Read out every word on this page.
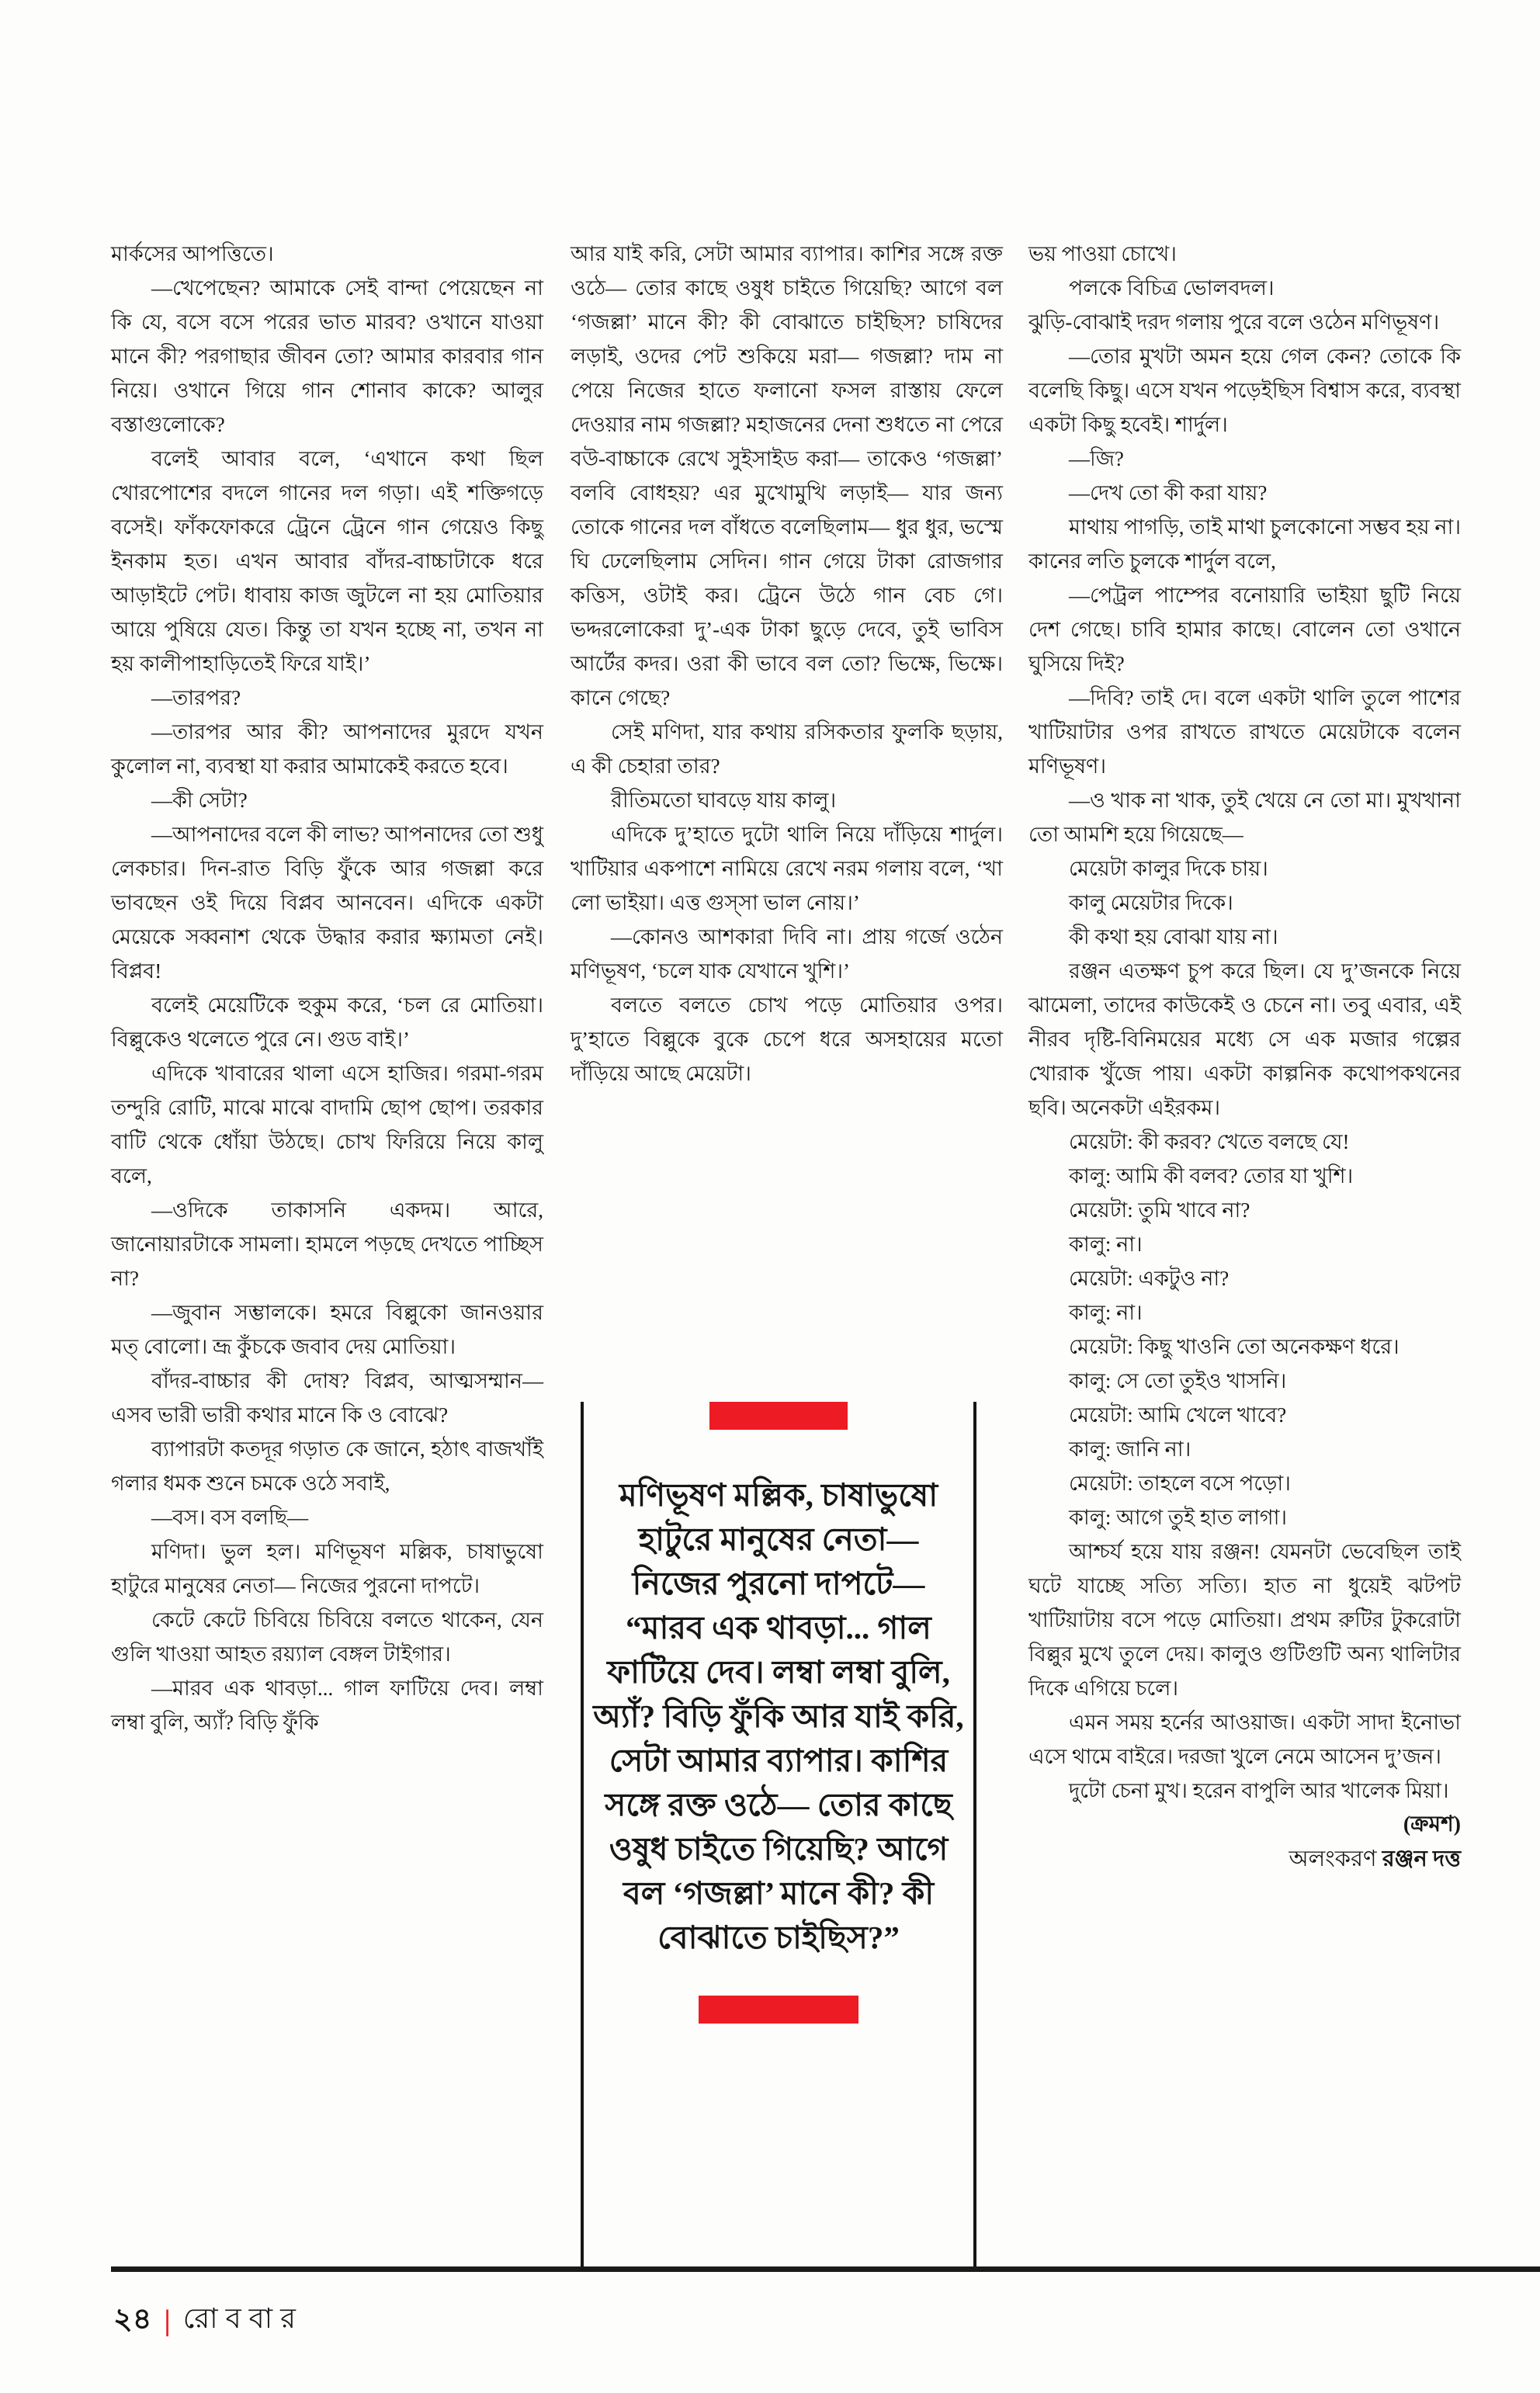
মার্কসের আপত্তিতে।

—খেপেছেন? আমাকে সেই বান্দা পেয়েছেন না কি যে, বসে বসে পরের ভাত মারব? ওখানে যাওয়া মানে কী? পরগাছার জীবন তো? আমার কারবার গান নিয়ে। ওখানে গিয়ে গান শোনাব কাকে? আলুর বস্তাগুলোকে?

বলেই আবার বলে, ‘এখানে কথা ছিল খোরপোশের বদলে গানের দল গড়া। এই শক্তিগড়ে বসেই। ফাঁকফোকরে ট্রেনে ট্রেনে গান গেয়েও কিছু ইনকাম হত। এখন আবার বাঁদর-বাচ্চাটাকে ধরে আড়াইটে পেট। ধাবায় কাজ জুটলে না হয় মোতিয়ার আয়ে পুষিয়ে যেত। কিন্তু তা যখন হচ্ছে না, তখন না হয় কালীপাহাড়িতেই ফিরে যাই।’

—তারপর?

—তারপর আর কী? আপনাদের মুরদে যখন কুলোল না, ব্যবস্থা যা করার আমাকেই করতে হবে।

—কী সেটা?

—আপনাদের বলে কী লাভ? আপনাদের তো শুধু লেকচার। দিন-রাত বিড়ি ফুঁকে আর গজল্লা করে ভাবছেন ওই দিয়ে বিপ্লব আনবেন। এদিকে একটা মেয়েকে সব্বনাশ থেকে উদ্ধার করার ক্ষ্যামতা নেই। বিপ্লব!

বলেই মেয়েটিকে হুকুম করে, ‘চল রে মোতিয়া। বিল্লুকেও থলেতে পুরে নে। গুড বাই।’

এদিকে খাবারের থালা এসে হাজির। গরমা-গরম তন্দুরি রোটি, মাঝে মাঝে বাদামি ছোপ ছোপ। তরকার বাটি থেকে ধোঁয়া উঠছে। চোখ ফিরিয়ে নিয়ে কালু বলে,

—ওদিকে তাকাসনি একদম। আরে, জানোয়ারটাকে সামলা। হামলে পড়ছে দেখতে পাচ্ছিস না?

—জুবান সম্ভালকে। হমরে বিল্লুকো জানওয়ার মত্ বোলো। ভ্রূ কুঁচকে জবাব দেয় মোতিয়া।

বাঁদর-বাচ্চার কী দোষ? বিপ্লব, আত্মসম্মান— এসব ভারী ভারী কথার মানে কি ও বোঝে?

ব্যাপারটা কতদূর গড়াত কে জানে, হঠাৎ বাজখাঁই গলার ধমক শুনে চমকে ওঠে সবাই,

—বস। বস বলছি—

মণিদা। ভুল হল। মণিভূষণ মল্লিক, চাষাভুষো হাটুরে মানুষের নেতা— নিজের পুরনো দাপটে।

কেটে কেটে চিবিয়ে চিবিয়ে বলতে থাকেন, যেন গুলি খাওয়া আহত রয়্যাল বেঙ্গল টাইগার।

—মারব এক থাবড়া... গাল ফাটিয়ে দেব। লম্বা লম্বা বুলি, অ্যাঁ? বিড়ি ফুঁকি

আর যাই করি, সেটা আমার ব্যাপার। কাশির সঙ্গে রক্ত ওঠে— তোর কাছে ওষুধ চাইতে গিয়েছি? আগে বল ‘গজল্লা’ মানে কী? কী বোঝাতে চাইছিস? চাষিদের লড়াই, ওদের পেট শুকিয়ে মরা— গজল্লা? দাম না পেয়ে নিজের হাতে ফলানো ফসল রাস্তায় ফেলে দেওয়ার নাম গজল্লা? মহাজনের দেনা শুধতে না পেরে বউ-বাচ্চাকে রেখে সুইসাইড করা— তাকেও ‘গজল্লা’ বলবি বোধহয়? এর মুখোমুখি লড়াই— যার জন্য তোকে গানের দল বাঁধতে বলেছিলাম— ধুর ধুর, ভস্মে ঘি ঢেলেছিলাম সেদিন। গান গেয়ে টাকা রোজগার কত্তিস, ওটাই কর। ট্রেনে উঠে গান বেচ গে। ভদ্দরলোকেরা দু’-এক টাকা ছুড়ে দেবে, তুই ভাবিস আর্টের কদর। ওরা কী ভাবে বল তো? ভিক্ষে, ভিক্ষে। কানে গেছে?

সেই মণিদা, যার কথায় রসিকতার ফুলকি ছড়ায়, এ কী চেহারা তার?

রীতিমতো ঘাবড়ে যায় কালু।

এদিকে দু’হাতে দুটো থালি নিয়ে দাঁড়িয়ে শার্দুল। খাটিয়ার একপাশে নামিয়ে রেখে নরম গলায় বলে, ‘খা লো ভাইয়া। এত্ত গুস্সা ভাল নোয়।’

—কোনও আশকারা দিবি না। প্রায় গর্জে ওঠেন মণিভূষণ, ‘চলে যাক যেখানে খুশি।’

বলতে বলতে চোখ পড়ে মোতিয়ার ওপর। দু’হাতে বিল্লুকে বুকে চেপে ধরে অসহায়ের মতো দাঁড়িয়ে আছে মেয়েটা।

ভয় পাওয়া চোখে।

পলকে বিচিত্র ভোলবদল।

ঝুড়ি-বোঝাই দরদ গলায় পুরে বলে ওঠেন মণিভূষণ।

—তোর মুখটা অমন হয়ে গেল কেন? তোকে কি বলেছি কিছু। এসে যখন পড়েইছিস বিশ্বাস করে, ব্যবস্থা একটা কিছু হবেই। শার্দুল।

—জি?

—দেখ তো কী করা যায়?

মাথায় পাগড়ি, তাই মাথা চুলকোনো সম্ভব হয় না। কানের লতি চুলকে শার্দুল বলে,

—পেট্রল পাম্পের বনোয়ারি ভাইয়া ছুটি নিয়ে দেশ গেছে। চাবি হামার কাছে। বোলেন তো ওখানে ঘুসিয়ে দিই?

—দিবি? তাই দে। বলে একটা থালি তুলে পাশের খাটিয়াটার ওপর রাখতে রাখতে মেয়েটাকে বলেন মণিভূষণ।

—ও খাক না খাক, তুই খেয়ে নে তো মা। মুখখানা তো আমশি হয়ে গিয়েছে—

মেয়েটা কালুর দিকে চায়।

কালু মেয়েটার দিকে।

কী কথা হয় বোঝা যায় না।

রঞ্জন এতক্ষণ চুপ করে ছিল। যে দু’জনকে নিয়ে ঝামেলা, তাদের কাউকেই ও চেনে না। তবু এবার, এই নীরব দৃষ্টি-বিনিময়ের মধ্যে সে এক মজার গল্পের খোরাক খুঁজে পায়। একটা কাল্পনিক কথোপকথনের ছবি। অনেকটা এইরকম।

মেয়েটা: কী করব? খেতে বলছে যে!

কালু: আমি কী বলব? তোর যা খুশি।

মেয়েটা: তুমি খাবে না?

কালু: না।

মেয়েটা: একটুও না?

কালু: না।

মেয়েটা: কিছু খাওনি তো অনেকক্ষণ ধরে।

কালু: সে তো তুইও খাসনি।

মেয়েটা: আমি খেলে খাবে?

কালু: জানি না।

মেয়েটা: তাহলে বসে পড়ো।

কালু: আগে তুই হাত লাগা।

আশ্চর্য হয়ে যায় রঞ্জন! যেমনটা ভেবেছিল তাই ঘটে যাচ্ছে সত্যি সত্যি। হাত না ধুয়েই ঝটপট খাটিয়াটায় বসে পড়ে মোতিয়া। প্রথম রুটির টুকরোটা বিল্লুর মুখে তুলে দেয়। কালুও গুটিগুটি অন্য থালিটার দিকে এগিয়ে চলে।

এমন সময় হর্নের আওয়াজ। একটা সাদা ইনোভা এসে থামে বাইরে। দরজা খুলে নেমে আসেন দু’জন।

দুটো চেনা মুখ। হরেন বাপুলি আর খালেক মিয়া।

(ক্রমশ)

অলংকরণ রঞ্জন দত্ত

মণিভূষণ মল্লিক, চাষাভুষো হাটুরে মানুষের নেতা— নিজের পুরনো দাপটে— “মারব এক থাবড়া... গাল ফাটিয়ে দেব। লম্বা লম্বা বুলি, অ্যাঁ? বিড়ি ফুঁকি আর যাই করি, সেটা আমার ব্যাপার। কাশির সঙ্গে রক্ত ওঠে— তোর কাছে ওষুধ চাইতে গিয়েছি? আগে বল ‘গজল্লা’ মানে কী? কী বোঝাতে চাইছিস?”
২৪ | রোববার
